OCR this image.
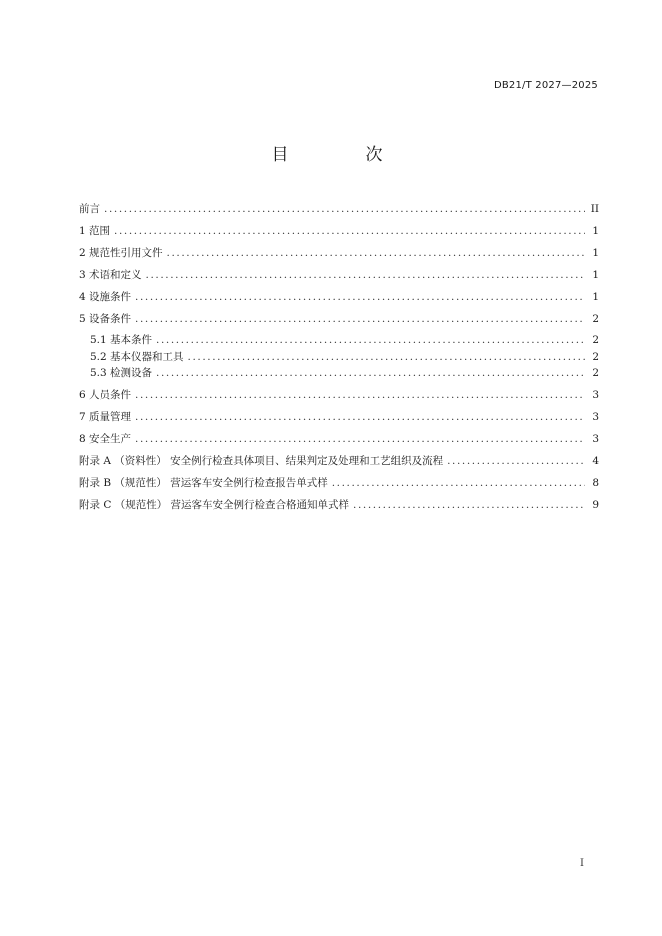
DB21/T 2027—2025
目　次
前言 .....	II
1 范围 .....	1
2 规范性引用文件 .....	1
3 术语和定义 .....	1
4 设施条件 .....	1
5 设备条件 .....	2
5.1 基本条件 .....	2
5.2 基本仪器和工具 .....	2
5.3 检测设备 .....	2
6 人员条件 .....	3
7 质量管理 .....	3
8 安全生产 .....	3
附录 A （资料性） 安全例行检查具体项目、结果判定及处理和工艺组织及流程 .....	4
附录 B （规范性） 营运客车安全例行检查报告单式样 .....	8
附录 C （规范性） 营运客车安全例行检查合格通知单式样 .....	9
I
